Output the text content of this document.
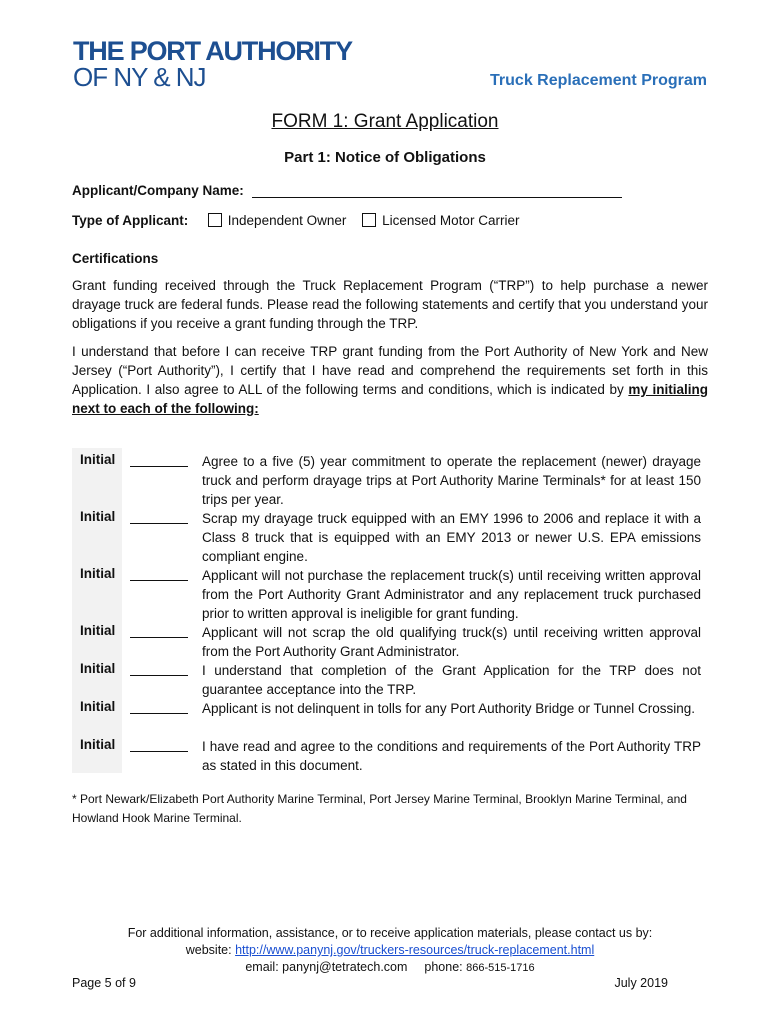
THE PORT AUTHORITY
OF NY & NJ	Truck Replacement Program
FORM 1: Grant Application
Part 1: Notice of Obligations
Applicant/Company Name:
Type of Applicant:	Independent Owner	Licensed Motor Carrier
Certifications

Grant funding received through the Truck Replacement Program (“TRP”) to help purchase a newer drayage truck are federal funds. Please read the following statements and certify that you understand your obligations if you receive a grant funding through the TRP.

I understand that before I can receive TRP grant funding from the Port Authority of New York and New Jersey (“Port Authority”), I certify that I have read and comprehend the requirements set forth in this Application. I also agree to ALL of the following terms and conditions, which is indicated by my initialing next to each of the following:

Initial	Agree to a five (5) year commitment to operate the replacement (newer) drayage truck and perform drayage trips at Port Authority Marine Terminals* for at least 150 trips per year.

Initial	Scrap my drayage truck equipped with an EMY 1996 to 2006 and replace it with a Class 8 truck that is equipped with an EMY 2013 or newer U.S. EPA emissions compliant engine.

Initial	Applicant will not purchase the replacement truck(s) until receiving written approval from the Port Authority Grant Administrator and any replacement truck purchased prior to written approval is ineligible for grant funding.

Initial	Applicant will not scrap the old qualifying truck(s) until receiving written approval from the Port Authority Grant Administrator.

Initial	I understand that completion of the Grant Application for the TRP does not guarantee acceptance into the TRP.

Initial	Applicant is not delinquent in tolls for any Port Authority Bridge or Tunnel Crossing.

Initial	I have read and agree to the conditions and requirements of the Port Authority TRP as stated in this document.

* Port Newark/Elizabeth Port Authority Marine Terminal, Port Jersey Marine Terminal, Brooklyn Marine Terminal, and Howland Hook Marine Terminal.

For additional information, assistance, or to receive application materials, please contact us by:
website: http://www.panynj.gov/truckers-resources/truck-replacement.html
email: panynj@tetratech.com phone: 866-515-1716
Page 5 of 9	July 2019
